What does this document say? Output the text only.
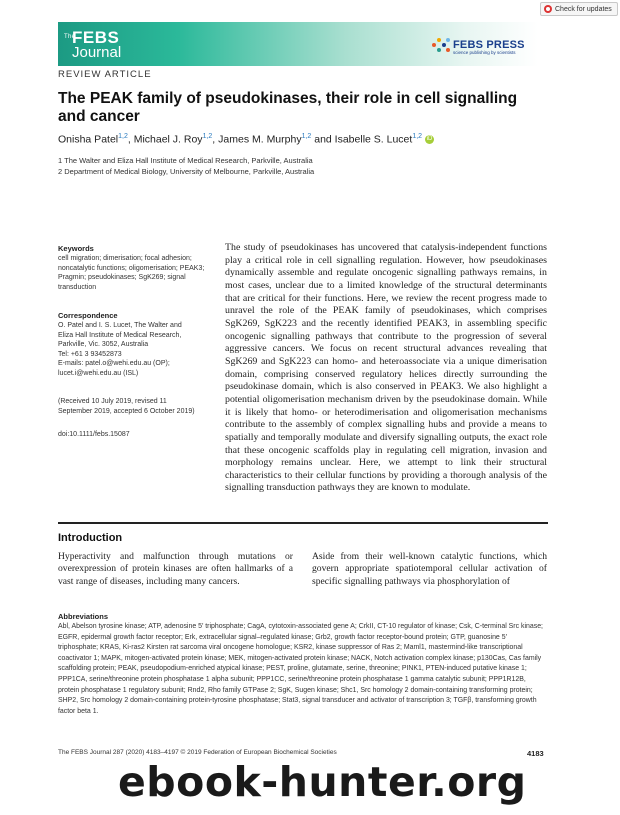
Check for updates
The
FEBS
Journal	FEBS PRESS
science publishing by scientists
REVIEW ARTICLE
The PEAK family of pseudokinases, their role in cell signalling and cancer
Onisha Patel$^{1,2}$, Michael J. Roy$^{1,2}$, James M. Murphy$^{1,2}$ and Isabelle S. Lucet$^{1,2}$ iD
1 The Walter and Eliza Hall Institute of Medical Research, Parkville, Australia
2 Department of Medical Biology, University of Melbourne, Parkville, Australia
Keywords
cell migration; dimerisation; focal adhesion; noncatalytic functions; oligomerisation; PEAK3; Pragmin; pseudokinases; SgK269; signal transduction
Correspondence
O. Patel and I. S. Lucet, The Walter and
Eliza Hall Institute of Medical Research,
Parkville, Vic. 3052, Australia
Tel: +61 3 93452873
E-mails: patel.o@wehi.edu.au (OP);
lucet.i@wehi.edu.au (ISL)
(Received 10 July 2019, revised 11
September 2019, accepted 6 October 2019)
doi:10.1111/febs.15087
The study of pseudokinases has uncovered that catalysis-independent functions play a critical role in cell signalling regulation. However, how pseudokinases dynamically assemble and regulate oncogenic signalling pathways remains, in most cases, unclear due to a limited knowledge of the structural determinants that are critical for their functions. Here, we review the recent progress made to unravel the role of the PEAK family of pseudokinases, which comprises SgK269, SgK223 and the recently identified PEAK3, in assembling specific oncogenic signalling pathways that contribute to the progression of several aggressive cancers. We focus on recent structural advances revealing that SgK269 and SgK223 can homo- and heteroassociate via a unique dimerisation domain, comprising conserved regulatory helices directly surrounding the pseudokinase domain, which is also conserved in PEAK3. We also highlight a potential oligomerisation mechanism driven by the pseudokinase domain. While it is likely that homo- or heterodimerisation and oligomerisation mechanisms contribute to the assembly of complex signalling hubs and provide a means to spatially and temporally modulate and diversify signalling outputs, the exact role that these oncogenic scaffolds play in regulating cell migration, invasion and morphology remains unclear. Here, we attempt to link their structural characteristics to their cellular functions by providing a thorough analysis of the signalling transduction pathways they are known to modulate.
Introduction
Hyperactivity and malfunction through mutations or overexpression of protein kinases are often hallmarks of a vast range of diseases, including many cancers.
Aside from their well-known catalytic functions, which govern appropriate spatiotemporal cellular activation of specific signalling pathways via phosphorylation of
Abbreviations
Abl, Abelson tyrosine kinase; ATP, adenosine 5′ triphosphate; CagA, cytotoxin-associated gene A; CrkII, CT-10 regulator of kinase; Csk, C-terminal Src kinase; EGFR, epidermal growth factor receptor; Erk, extracellular signal–regulated kinase; Grb2, growth factor receptor-bound protein; GTP, guanosine 5′ triphosphate; KRAS, Ki-ras2 Kirsten rat sarcoma viral oncogene homologue; KSR2, kinase suppressor of Ras 2; Maml1, mastermind-like transcriptional coactivator 1; MAPK, mitogen-activated protein kinase; MEK, mitogen-activated protein kinase; NACK, Notch activation complex kinase; p130Cas, Cas family scaffolding protein; PEAK, pseudopodium-enriched atypical kinase; PEST, proline, glutamate, serine, threonine; PINK1, PTEN-induced putative kinase 1; PPP1CA, serine/threonine protein phosphatase 1 alpha subunit; PPP1CC, serine/threonine protein phosphatase 1 gamma catalytic subunit; PPP1R12B, protein phosphatase 1 regulatory subunit; Rnd2, Rho family GTPase 2; SgK, Sugen kinase; Shc1, Src homology 2 domain-containing transforming protein; SHP2, Src homology 2 domain-containing protein-tyrosine phosphatase; Stat3, signal transducer and activator of transcription 3; TGFβ, transforming growth factor beta 1.
The FEBS Journal 287 (2020) 4183–4197 © 2019 Federation of European Biochemical Societies	4183
ebook-hunter.org
